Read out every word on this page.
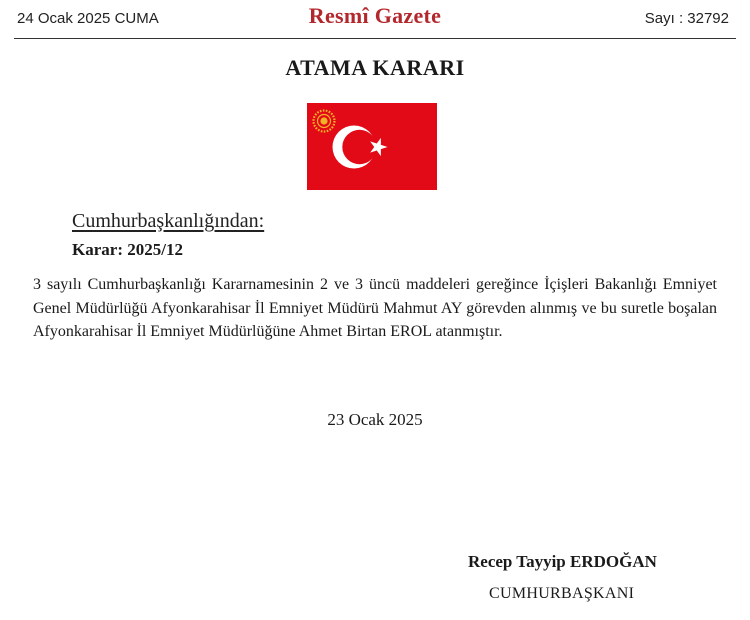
24 Ocak 2025 CUMA	Resmî Gazete	Sayı : 32792
ATAMA KARARI
Cumhurbaşkanlığından:
Karar: 2025/12
3 sayılı Cumhurbaşkanlığı Kararnamesinin 2 ve 3 üncü maddeleri gereğince İçişleri Bakanlığı Emniyet Genel Müdürlüğü Afyonkarahisar İl Emniyet Müdürü Mahmut AY görevden alınmış ve bu suretle boşalan Afyonkarahisar İl Emniyet Müdürlüğüne Ahmet Birtan EROL atanmıştır.
23 Ocak 2025
Recep Tayyip ERDOĞAN
CUMHURBAŞKANI
